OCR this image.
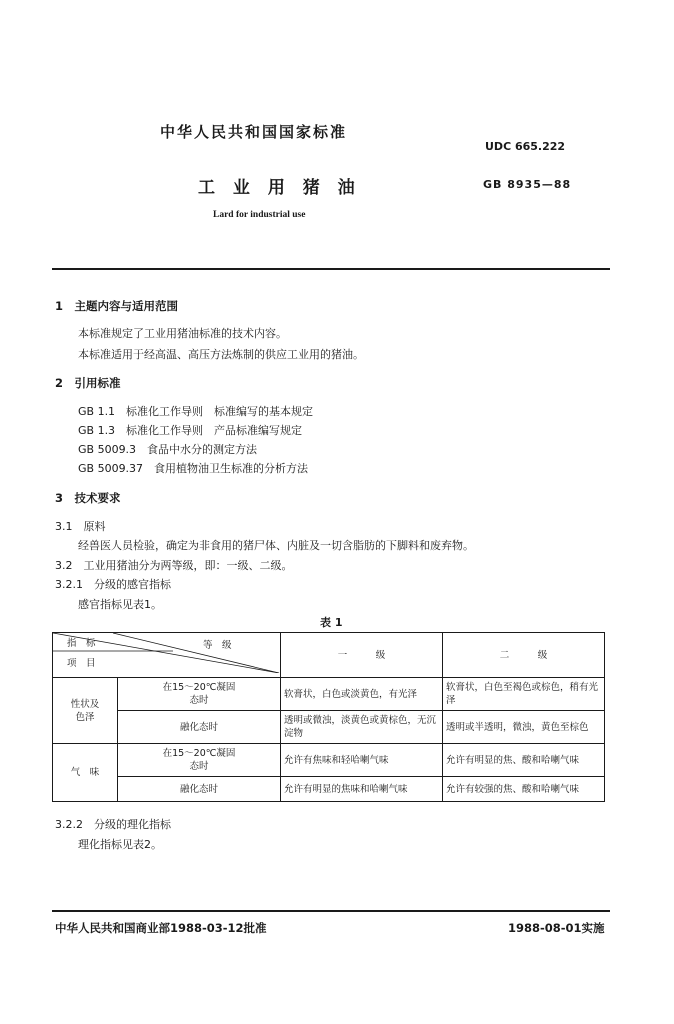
中华人民共和国国家标准
UDC 665.222
工 业 用 猪 油	GB 8935—88
Lard for industrial use
1　主题内容与适用范围
本标准规定了工业用猪油标准的技术内容。
本标准适用于经高温、高压方法炼制的供应工业用的猪油。
2　引用标准
GB 1.1　标准化工作导则　标准编写的基本规定
GB 1.3　标准化工作导则　产品标准编写规定
GB 5009.3　食品中水分的测定方法
GB 5009.37　食用植物油卫生标准的分析方法
3　技术要求
3.1　原料
经兽医人员检验，确定为非食用的猪尸体、内脏及一切含脂肪的下脚料和废弃物。
3.2　工业用猪油分为两等级，即：一级、二级。
3.2.1　分级的感官指标
感官指标见表1。
表 1
指　标 等　级
项　目		一　　　级	二　　　级
性状及色泽	在15～20℃凝固态时	软膏状，白色或淡黄色，有光泽	软膏状，白色至褐色或棕色，稍有光泽
	融化态时	透明或微浊，淡黄色或黄棕色，无沉淀物	透明或半透明，微浊，黄色至棕色
气　味	在15～20℃凝固态时	允许有焦味和轻哈喇气味	允许有明显的焦、酸和哈喇气味
	融化态时	允许有明显的焦味和哈喇气味	允许有较强的焦、酸和哈喇气味
3.2.2　分级的理化指标
理化指标见表2。
中华人民共和国商业部1988-03-12批准	1988-08-01实施
